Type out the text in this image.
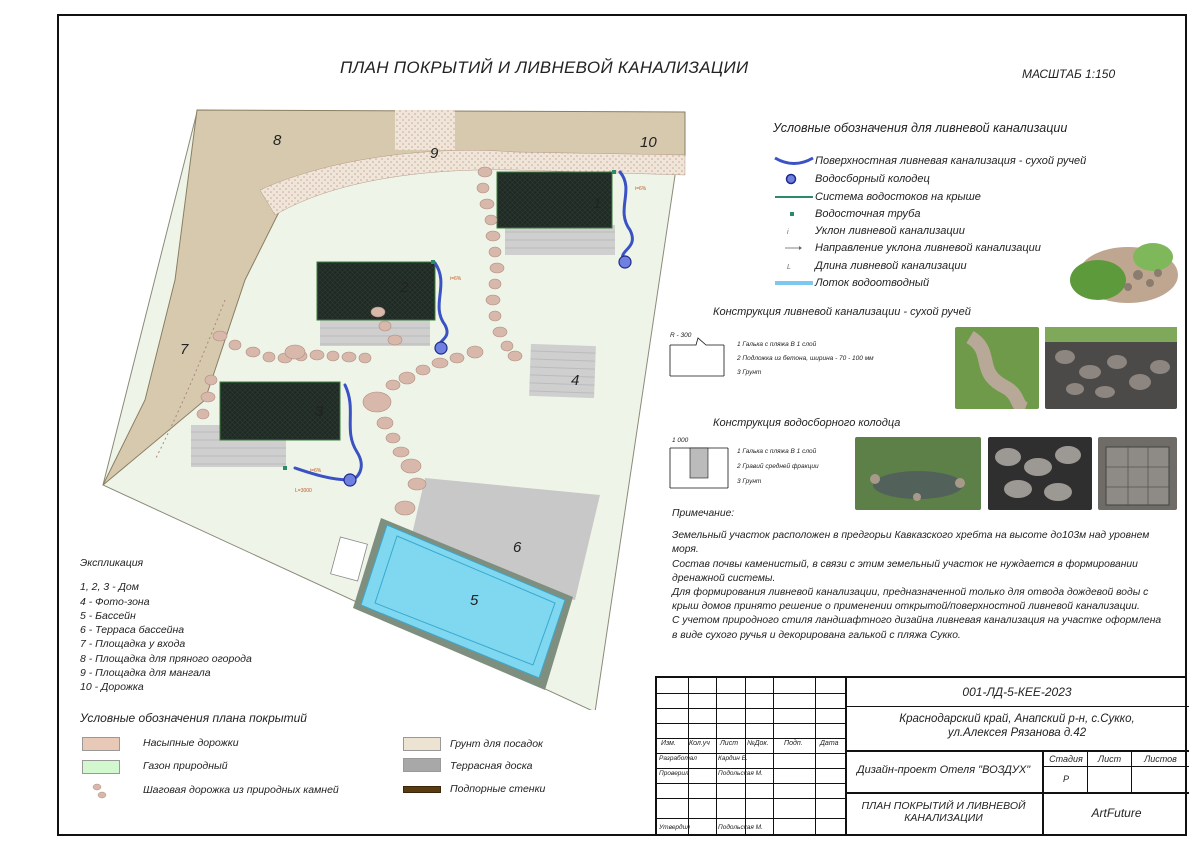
ПЛАН ПОКРЫТИЙ И ЛИВНЕВОЙ КАНАЛИЗАЦИИ	МАСШТАБ 1:150
i=6%
i=6%
i=6%
L=3000
1
2
3
4
5
6
7
8
9
10
Условные обозначения для ливневой канализации
Поверхностная ливневая канализация - сухой ручей
Водосборный колодец
Система водостоков на крыше
Водосточная труба
i Уклон ливневой канализации
Направление уклона ливневой канализации
L Длина ливневой канализации
Лоток водоотводный
Конструкция ливневой канализации - сухой ручей
R - 300
1 Галька с пляжа В 1 слой
2 Подложка из бетона, ширина - 70 - 100 мм
3 Грунт
Конструкция водосборного колодца
1 000
1 Галька с пляжа В 1 слой
2 Гравий средней фракции
3 Грунт

Примечание:

Земельный участок расположен в предгорьи Кавказского хребта на высоте до103м над уровнем моря.

Состав почвы каменистый, в связи с этим земельный участок не нуждается в формировании дренажной системы.

Для формирования ливневой канализации, предназначенной только для отвода дождевой воды с крыш домов принято решение о применении открытой/поверхностной ливневой канализации.

С учетом природного стиля ландшафтного дизайна ливневая канализация на участке оформлена в виде сухого ручья и декорирована галькой с пляжа Сукко.

Экспликация
1, 2, 3 - Дом
4 - Фото-зона
5 - Бассейн
6 - Терраса бассейна
7 - Площадка у входа
8 - Площадка для пряного огорода
9 - Площадка для мангала
10 - Дорожка
Условные обозначения плана покрытий
Насыпные дорожки
Газон природный
Шаговая дорожка из природных камней
Грунт для посадок
Террасная доска
Подпорные стенки
Изм. Кол.уч Лист №Док. Подп. Дата
Разработал	Кардин Е.
Проверил	Подольская М.
Утвердил	Подольская М.
001-ЛД-5-КЕЕ-2023
Краснодарский край, Анапский р-н, с.Сукко,
ул.Алексея Рязанова д.42
Дизайн-проект Отеля "ВОЗДУХ"
Стадия	Лист	Листов
Р
ПЛАН ПОКРЫТИЙ И ЛИВНЕВОЙ
КАНАЛИЗАЦИИ	ArtFuture
